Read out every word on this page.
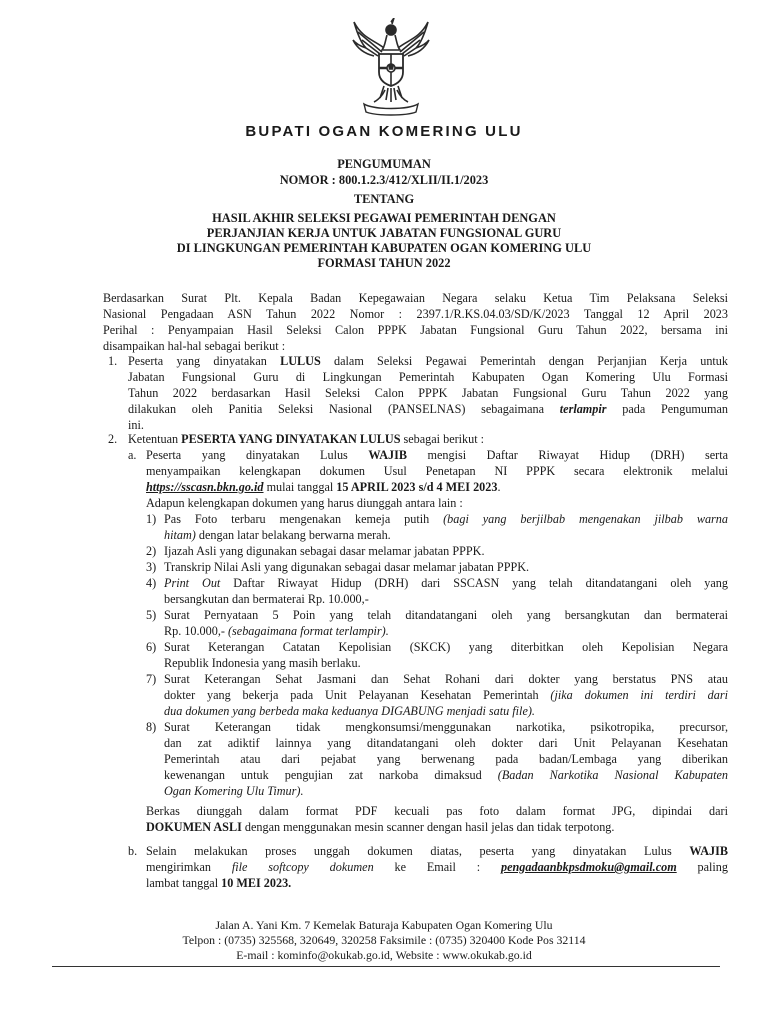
BUPATI OGAN KOMERING ULU
PENGUMUMAN
NOMOR : 800.1.2.3/412/XLII/II.1/2023
TENTANG
HASIL AKHIR SELEKSI PEGAWAI PEMERINTAH DENGAN
PERJANJIAN KERJA UNTUK JABATAN FUNGSIONAL GURU
DI LINGKUNGAN PEMERINTAH KABUPATEN OGAN KOMERING ULU
FORMASI TAHUN 2022
Berdasarkan Surat Plt. Kepala Badan Kepegawaian Negara selaku Ketua Tim Pelaksana Seleksi
Nasional Pengadaan ASN Tahun 2022 Nomor : 2397.1/R.KS.04.03/SD/K/2023 Tanggal 12 April 2023
Perihal : Penyampaian Hasil Seleksi Calon PPPK Jabatan Fungsional Guru Tahun 2022, bersama ini
disampaikan hal-hal sebagai berikut :
1. Peserta yang dinyatakan LULUS dalam Seleksi Pegawai Pemerintah dengan Perjanjian Kerja untuk
Jabatan Fungsional Guru di Lingkungan Pemerintah Kabupaten Ogan Komering Ulu Formasi
Tahun 2022 berdasarkan Hasil Seleksi Calon PPPK Jabatan Fungsional Guru Tahun 2022 yang
dilakukan oleh Panitia Seleksi Nasional (PANSELNAS) sebagaimana terlampir pada Pengumuman
ini.
2. Ketentuan PESERTA YANG DINYATAKAN LULUS sebagai berikut :
a. Peserta yang dinyatakan Lulus WAJIB mengisi Daftar Riwayat Hidup (DRH) serta
menyampaikan kelengkapan dokumen Usul Penetapan NI PPPK secara elektronik melalui
https://sscasn.bkn.go.id mulai tanggal 15 APRIL 2023 s/d 4 MEI 2023.
Adapun kelengkapan dokumen yang harus diunggah antara lain :
1) Pas Foto terbaru mengenakan kemeja putih (bagi yang berjilbab mengenakan jilbab warna
hitam) dengan latar belakang berwarna merah.
2) Ijazah Asli yang digunakan sebagai dasar melamar jabatan PPPK.
3) Transkrip Nilai Asli yang digunakan sebagai dasar melamar jabatan PPPK.
4) Print Out Daftar Riwayat Hidup (DRH) dari SSCASN yang telah ditandatangani oleh yang
bersangkutan dan bermaterai Rp. 10.000,-
5) Surat Pernyataan 5 Poin yang telah ditandatangani oleh yang bersangkutan dan bermaterai
Rp. 10.000,- (sebagaimana format terlampir).
6) Surat Keterangan Catatan Kepolisian (SKCK) yang diterbitkan oleh Kepolisian Negara
Republik Indonesia yang masih berlaku.
7) Surat Keterangan Sehat Jasmani dan Sehat Rohani dari dokter yang berstatus PNS atau
dokter yang bekerja pada Unit Pelayanan Kesehatan Pemerintah (jika dokumen ini terdiri dari
dua dokumen yang berbeda maka keduanya DIGABUNG menjadi satu file).
8) Surat Keterangan tidak mengkonsumsi/menggunakan narkotika, psikotropika, precursor,
dan zat adiktif lainnya yang ditandatangani oleh dokter dari Unit Pelayanan Kesehatan
Pemerintah atau dari pejabat yang berwenang pada badan/Lembaga yang diberikan
kewenangan untuk pengujian zat narkoba dimaksud (Badan Narkotika Nasional Kabupaten
Ogan Komering Ulu Timur).
Berkas diunggah dalam format PDF kecuali pas foto dalam format JPG, dipindai dari
DOKUMEN ASLI dengan menggunakan mesin scanner dengan hasil jelas dan tidak terpotong.
b. Selain melakukan proses unggah dokumen diatas, peserta yang dinyatakan Lulus WAJIB
mengirimkan file softcopy dokumen ke Email : pengadaanbkpsdmoku@gmail.com paling
lambat tanggal 10 MEI 2023.
Jalan A. Yani Km. 7 Kemelak Baturaja Kabupaten Ogan Komering Ulu
Telpon : (0735) 325568, 320649, 320258 Faksimile : (0735) 320400 Kode Pos 32114
E-mail : kominfo@okukab.go.id, Website : www.okukab.go.id
